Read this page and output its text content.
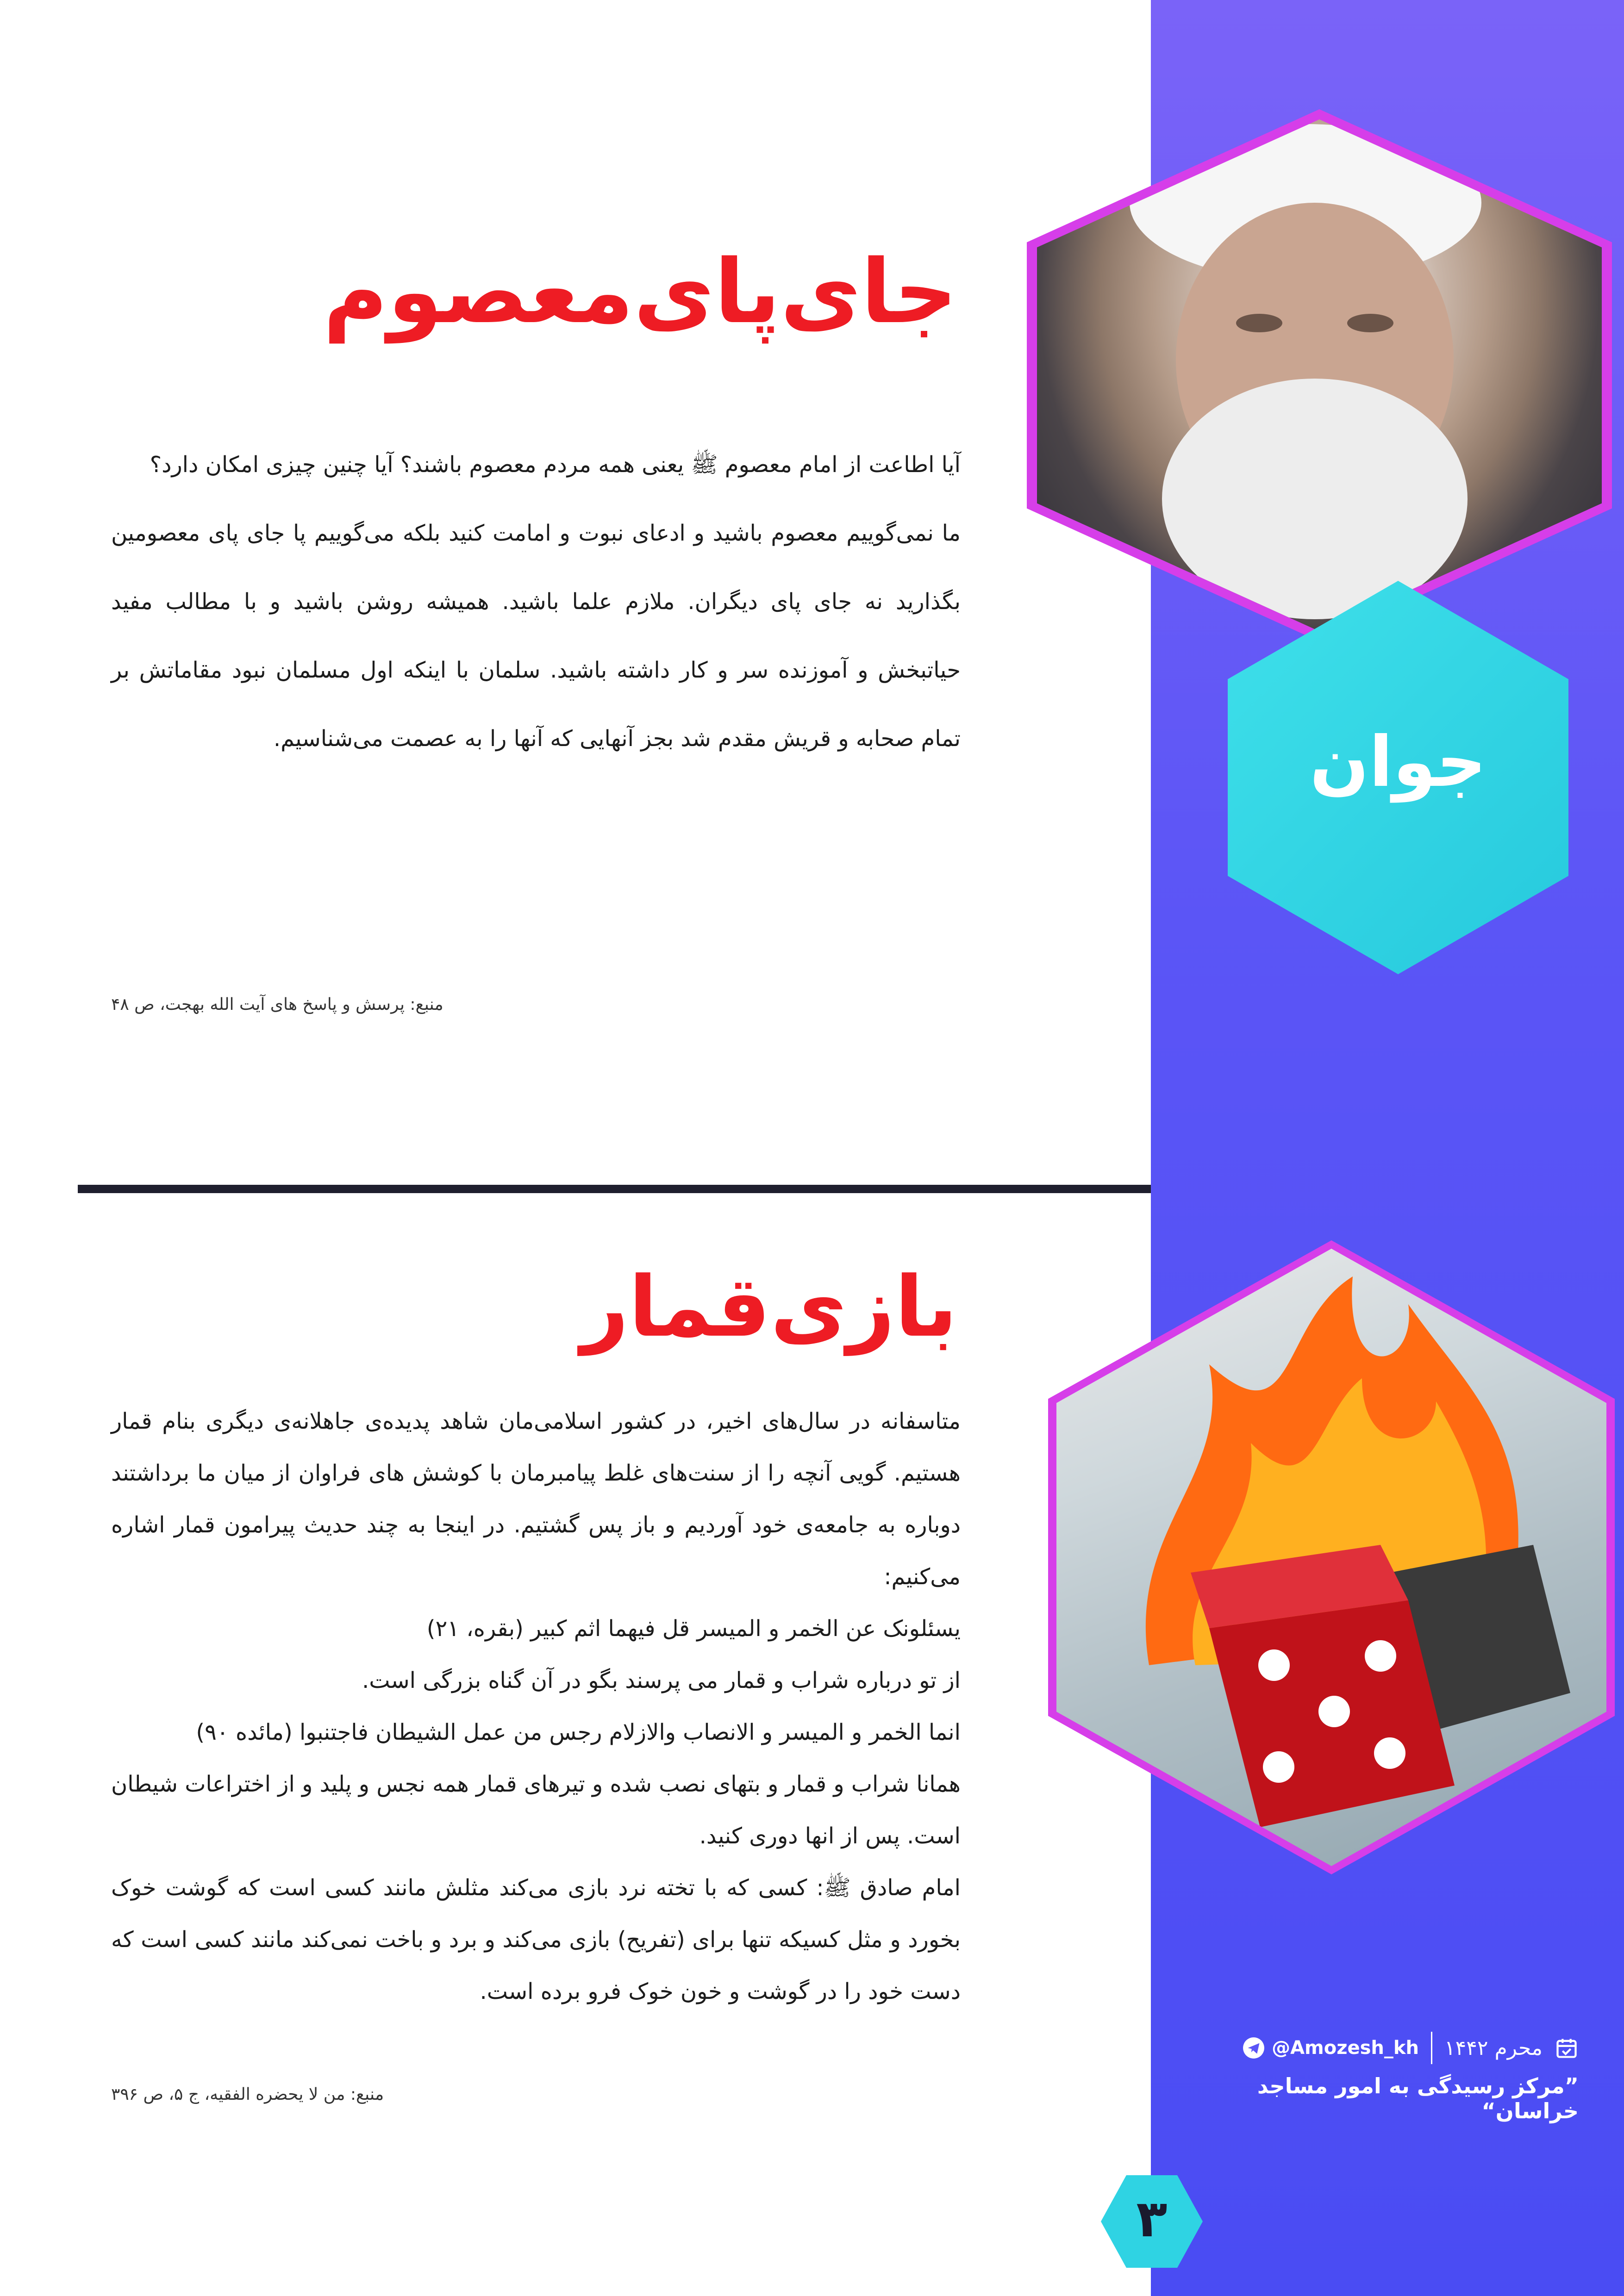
جوان
جای‌پای‌معصوم
آیا اطاعت از امام معصوم ﷺ یعنی همه مردم معصوم باشند؟ آیا چنین چیزی امکان دارد؟
ما نمی‌گوییم معصوم باشید و ادعای نبوت و امامت کنید بلکه می‌گوییم پا جای پای معصومین بگذارید نه جای پای دیگران. ملازم علما باشید. همیشه روشن باشید و با مطالب مفید حیاتبخش و آموزنده سر و کار داشته باشید. سلمان با اینکه اول مسلمان نبود مقاماتش بر تمام صحابه و قریش مقدم شد بجز آنهایی که آنها را به عصمت می‌شناسیم.
منبع: پرسش و پاسخ های آیت الله بهجت، ص ۴۸
بازی‌قمار
متاسفانه در سال‌های اخیر، در کشور اسلامی‌مان شاهد پدیده‌ی جاهلانه‌ی دیگری بنام قمار هستیم. گویی آنچه را از سنت‌های غلط پیامبرمان با کوشش های فراوان از میان ما برداشتند دوباره به جامعه‌ی خود آوردیم و باز پس گشتیم. در اینجا به چند حدیث پیرامون قمار اشاره می‌کنیم:
یسئلونک عن الخمر و المیسر قل فیهما اثم کبیر (بقره، ۲۱)
از تو درباره شراب و قمار می پرسند بگو در آن گناه بزرگی است.
انما الخمر و المیسر و الانصاب والازلام رجس من عمل الشیطان فاجتنبوا (مائده ۹۰)
همانا شراب و قمار و بتهای نصب شده و تیرهای قمار همه نجس و پلید و از اختراعات شیطان است. پس از انها دوری کنید.
امام صادق ﷺ: کسی که با تخته نرد بازی می‌کند مثلش مانند کسی است که گوشت خوک بخورد و مثل کسیکه تنها برای (تفریح) بازی می‌کند و برد و باخت نمی‌کند مانند کسی است که دست خود را در گوشت و خون خوک فرو برده است.
منبع: من لا یحضره الفقیه، ج ۵، ص ۳۹۶
محرم ۱۴۴۲
@Amozesh_kh
”مرکز رسیدگی به امور مساجد خراسان“
۳
